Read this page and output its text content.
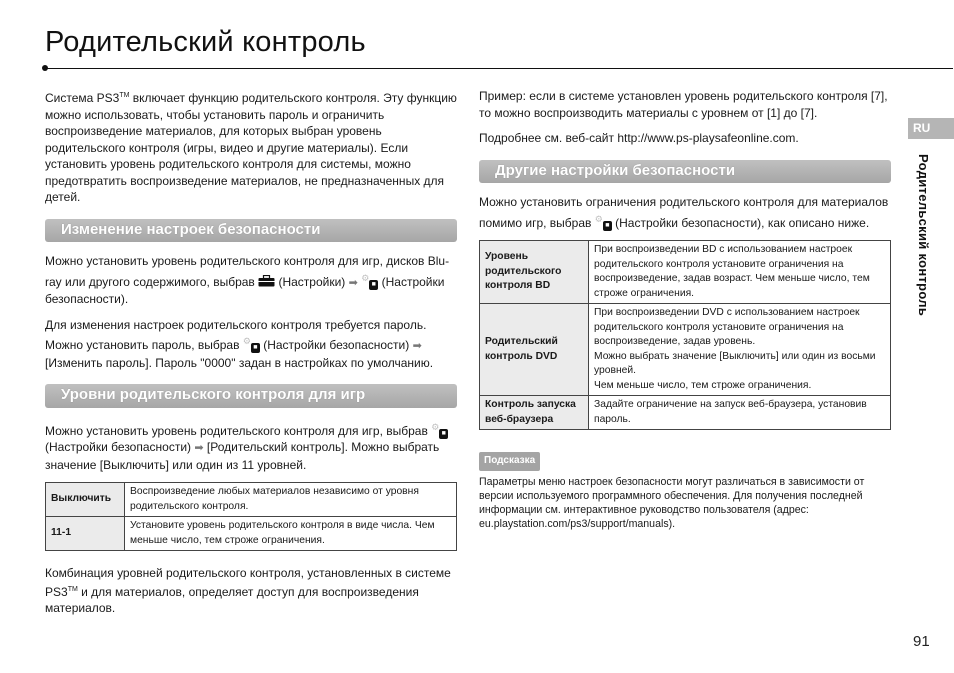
Родительский контроль

Система PS3™ включает функцию родительского контроля. Эту функцию можно использовать, чтобы установить пароль и ограничить воспроизведение материалов, для которых выбран уровень родительского контроля (игры, видео и другие материалы). Если установить уровень родительского контроля для системы, можно предотвратить воспроизведение материалов, не предназначенных для детей.

Изменение настроек безопасности

Можно установить уровень родительского контроля для игр, дисков Blu-ray или другого содержимого, выбрав
(Настройки) ➡ ⚙■ (Настройки безопасности).

Для изменения настроек родительского контроля требуется пароль. Можно установить пароль, выбрав ⚙■ (Настройки безопасности) ➡ [Изменить пароль]. Пароль "0000" задан в настройках по умолчанию.

Уровни родительского контроля для игр

Можно установить уровень родительского контроля для игр, выбрав ⚙■ (Настройки безопасности) ➡ [Родительский контроль]. Можно выбрать значение [Выключить] или один из 11 уровней.

Выключить	Воспроизведение любых материалов независимо от уровня родительского контроля.
11-1	Установите уровень родительского контроля в виде числа. Чем меньше число, тем строже ограничения.

Комбинация уровней родительского контроля, установленных в системе PS3™ и для материалов, определяет доступ для воспроизведения материалов.

Пример: если в системе установлен уровень родительского контроля [7], то можно воспроизводить материалы с уровнем от [1] до [7].

Подробнее см. веб-сайт http://www.ps-playsafeonline.com.

Другие настройки безопасности

Можно установить ограничения родительского контроля для материалов помимо игр, выбрав ⚙■ (Настройки безопасности), как описано ниже.

Уровень родительского контроля BD	При воспроизведении BD с использованием настроек родительского контроля установите ограничения на воспроизведение, задав возраст. Чем меньше число, тем строже ограничения.
Родительский контроль DVD	При воспроизведении DVD с использованием настроек родительского контроля установите ограничения на воспроизведение, задав уровень.
Можно выбрать значение [Выключить] или один из восьми уровней.
Чем меньше число, тем строже ограничения.

Контроль запуска веб-браузера	Задайте ограничение на запуск веб-браузера, установив пароль.
Подсказка
Параметры меню настроек безопасности могут различаться в зависимости от версии используемого программного обеспечения. Для получения последней информации см. интерактивное руководство пользователя (адрес: eu.playstation.com/ps3/support/manuals).
RU
Родительский контроль
91
